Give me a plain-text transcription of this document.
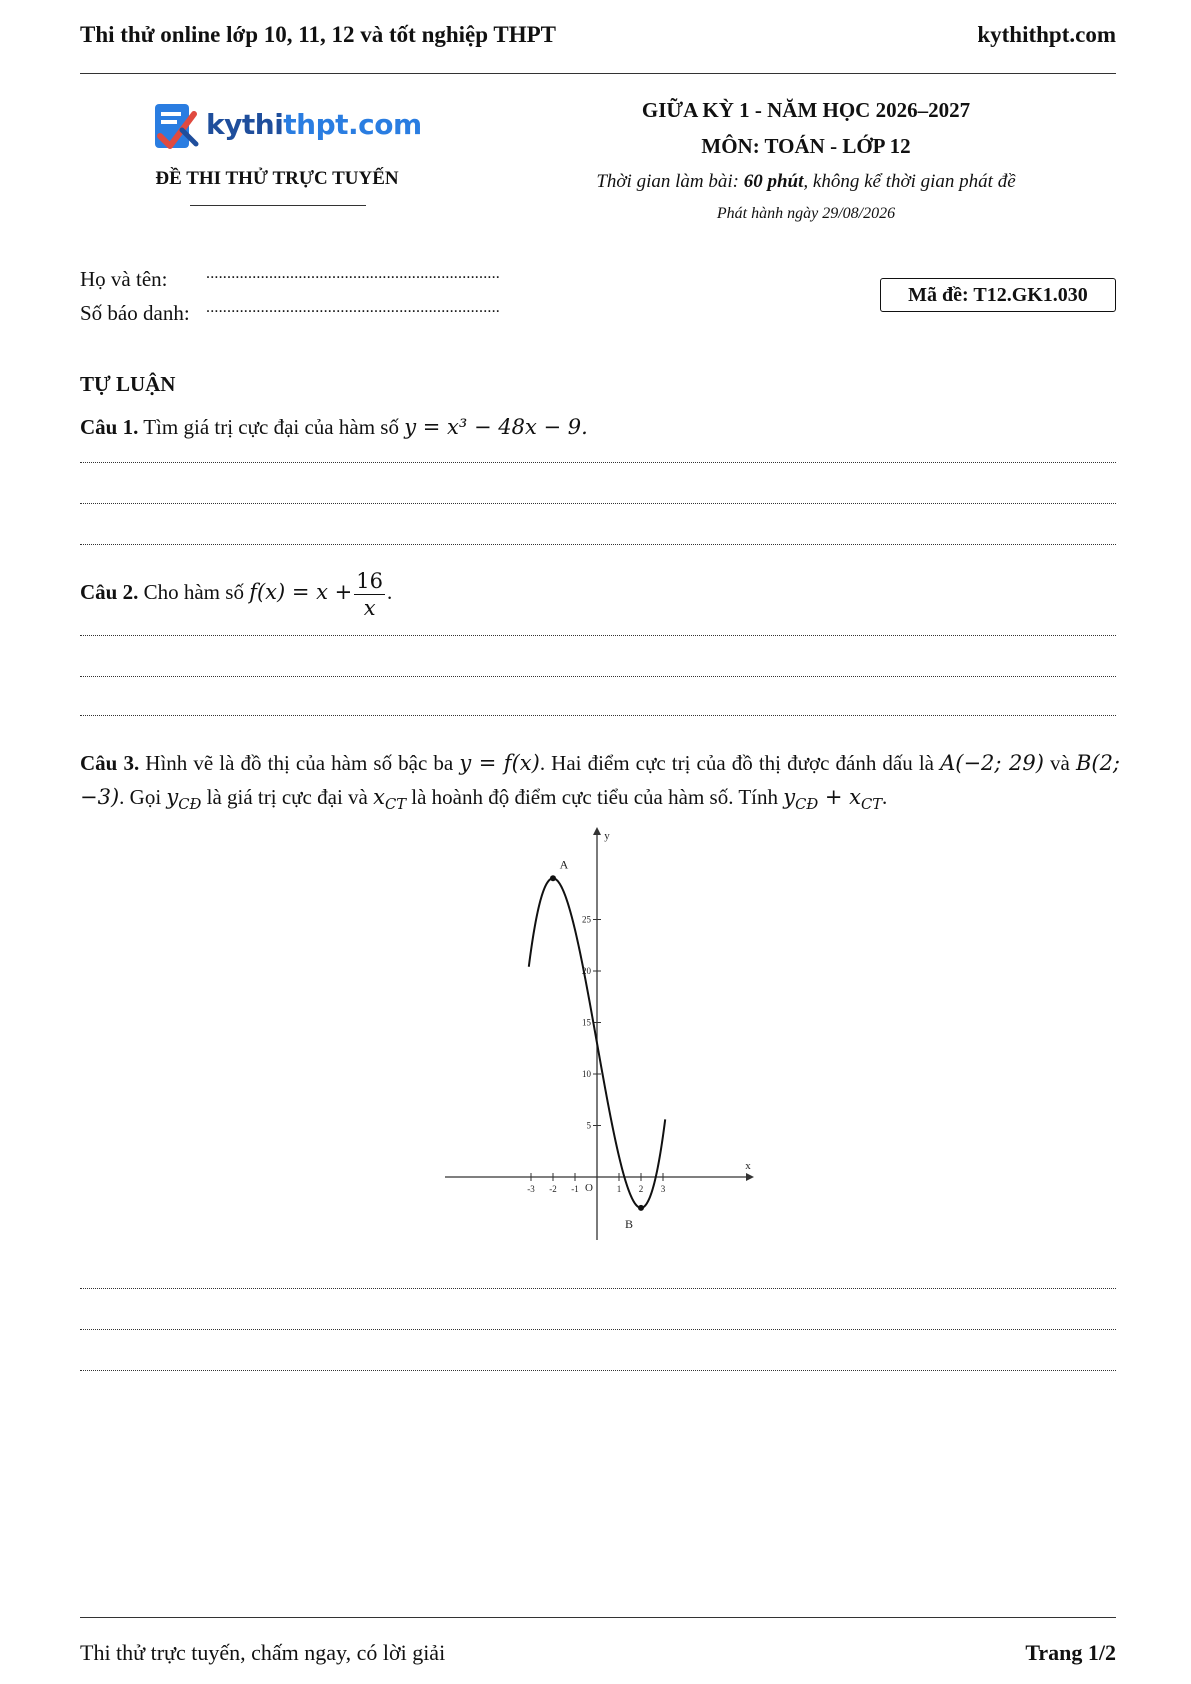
Thi thử online lớp 10, 11, 12 và tốt nghiệp THPT	kythithpt.com
kythithpt.com
ĐỀ THI THỬ TRỰC TUYẾN
GIỮA KỲ 1 - NĂM HỌC 2026–2027
MÔN: TOÁN - LỚP 12
Thời gian làm bài: 60 phút, không kể thời gian phát đề
Phát hành ngày 29/08/2026
Họ và tên: ......................................................................
Số báo danh: ......................................................................
Mã đề: T12.GK1.030
TỰ LUẬN
Câu 1. Tìm giá trị cực đại của hàm số y = x³ − 48x − 9.
Câu 2. Cho hàm số $f(x) = x + \frac{16}{x}$ .
Câu 3. Hình vẽ là đồ thị của hàm số bậc ba y = f(x). Hai điểm cực trị của đồ thị được đánh dấu là A(−2; 29) và B(2; −3). Gọi $y_{CĐ}$ là giá trị cực đại và $x_{CT}$ là hoành độ điểm cực tiểu của hàm số. Tính $y_{CĐ} + x_{CT}$.
x
y
O
-3 -2 -1	1 2 3
5
10
15
20
25
A
B
Thi thử trực tuyến, chấm ngay, có lời giải	Trang 1/2
